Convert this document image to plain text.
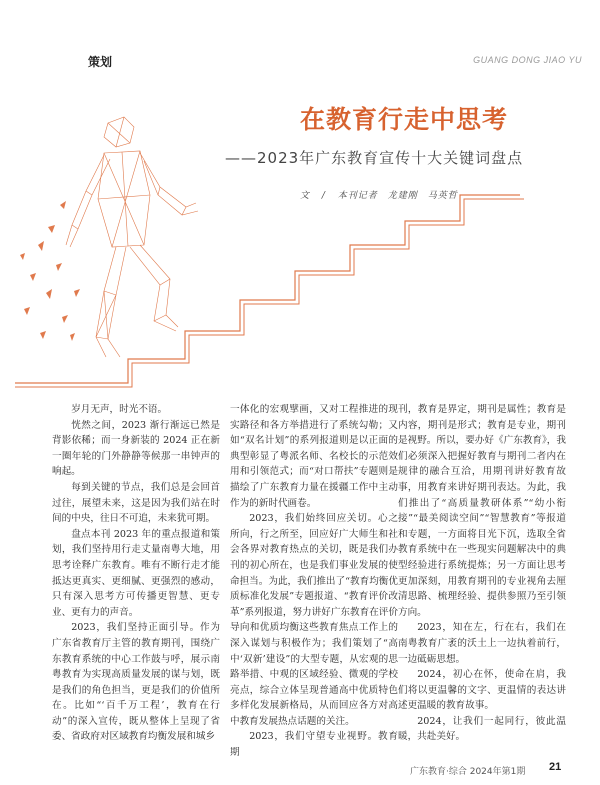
策划	GUANG DONG JIAO YU
在教育行走中思考
——2023年广东教育宣传十大关键词盘点
文 / 本刊记者　龙建刚　马英哲

岁月无声，时光不语。

恍然之间，2023 渐行渐远已然是背影依稀；而一身新装的 2024 正在新一圈年轮的门外静静等候那一串钟声的响起。

每到关键的节点，我们总是会回首过往，展望未来，这是因为我们站在时间的中央，往日不可追，未来犹可期。

盘点本刊 2023 年的重点报道和策划，我们坚持用行走丈量南粤大地，用思考诠释广东教育。唯有不断行走才能抵达更真实、更细腻、更强烈的感动，只有深入思考方可传播更智慧、更专业、更有力的声音。

2023，我们坚持正面引导。作为广东省教育厅主管的教育期刊，围绕广东教育系统的中心工作鼓与呼，展示南粤教育为实现高质量发展的谋与划，既是我们的角色担当，更是我们的价值所在。比如“‘百千万工程’，教育在行动”的深入宣传，既从整体上呈现了省委、省政府对区域教育均衡发展和城乡

一体化的宏观擘画，又对工程推进的现实路径和各方举措进行了系统勾勒；又如“双名计划”的系列报道则是以正面的典型彰显了粤派名师、名校长的示范效用和引领范式；而“对口帮扶”专题则是描绘了广东教育力量在援疆工作中主动作为的新时代画卷。

2023，我们始终回应关切。心之所向，行之所至，回应好广大师生和社会各界对教育热点的关切，既是我们办刊的初心所在，也是我们事业发展的使命担当。为此，我们推出了“教育均衡优质标准化发展”专题报道、“教育评价改革”系列报道，努力讲好广东教育在评价导向和优质均衡这些教育焦点工作上的深入谋划与积极作为；我们策划了“高中‘双新’建设”的大型专题，从宏观的思路举措、中观的区域经验、微观的学校亮点，综合立体呈现普通高中优质特色多样化发展新格局，从而回应各方对高中教育发展热点话题的关注。

2023，我们守望专业视野。教育期

刊，教育是界定，期刊是属性；教育是内容，期刊是形式；教育是专业，期刊是视野。所以，要办好《广东教育》，我们必须深入把握好教育与期刊二者内在规律的融合互洽，用期刊讲好教育故事，用教育来讲好期刊表达。为此，我们推出了“高质量教研体系”“幼小衔接”“最美阅读空间”“智慧教育”等报道和专题，一方面将目光下沉，选取全省教育系统中在一些现实问题解决中的典型经验进行系统提炼；另一方面让思考更加深刻，用教育期刊的专业视角去厘清思路、梳理经验、提供参照乃至引领方向。

2023，知在左，行在右，我们在南粤教育广袤的沃土上一边执着前行，一边砥砺思想。

2024，初心在怀，使命在肩，我们将以更温馨的文字、更温情的表达讲述更温暖的教育故事。

2024，让我们一起同行，彼此温暖，共赴美好。

广东教育·综合 2024年第1期 21
